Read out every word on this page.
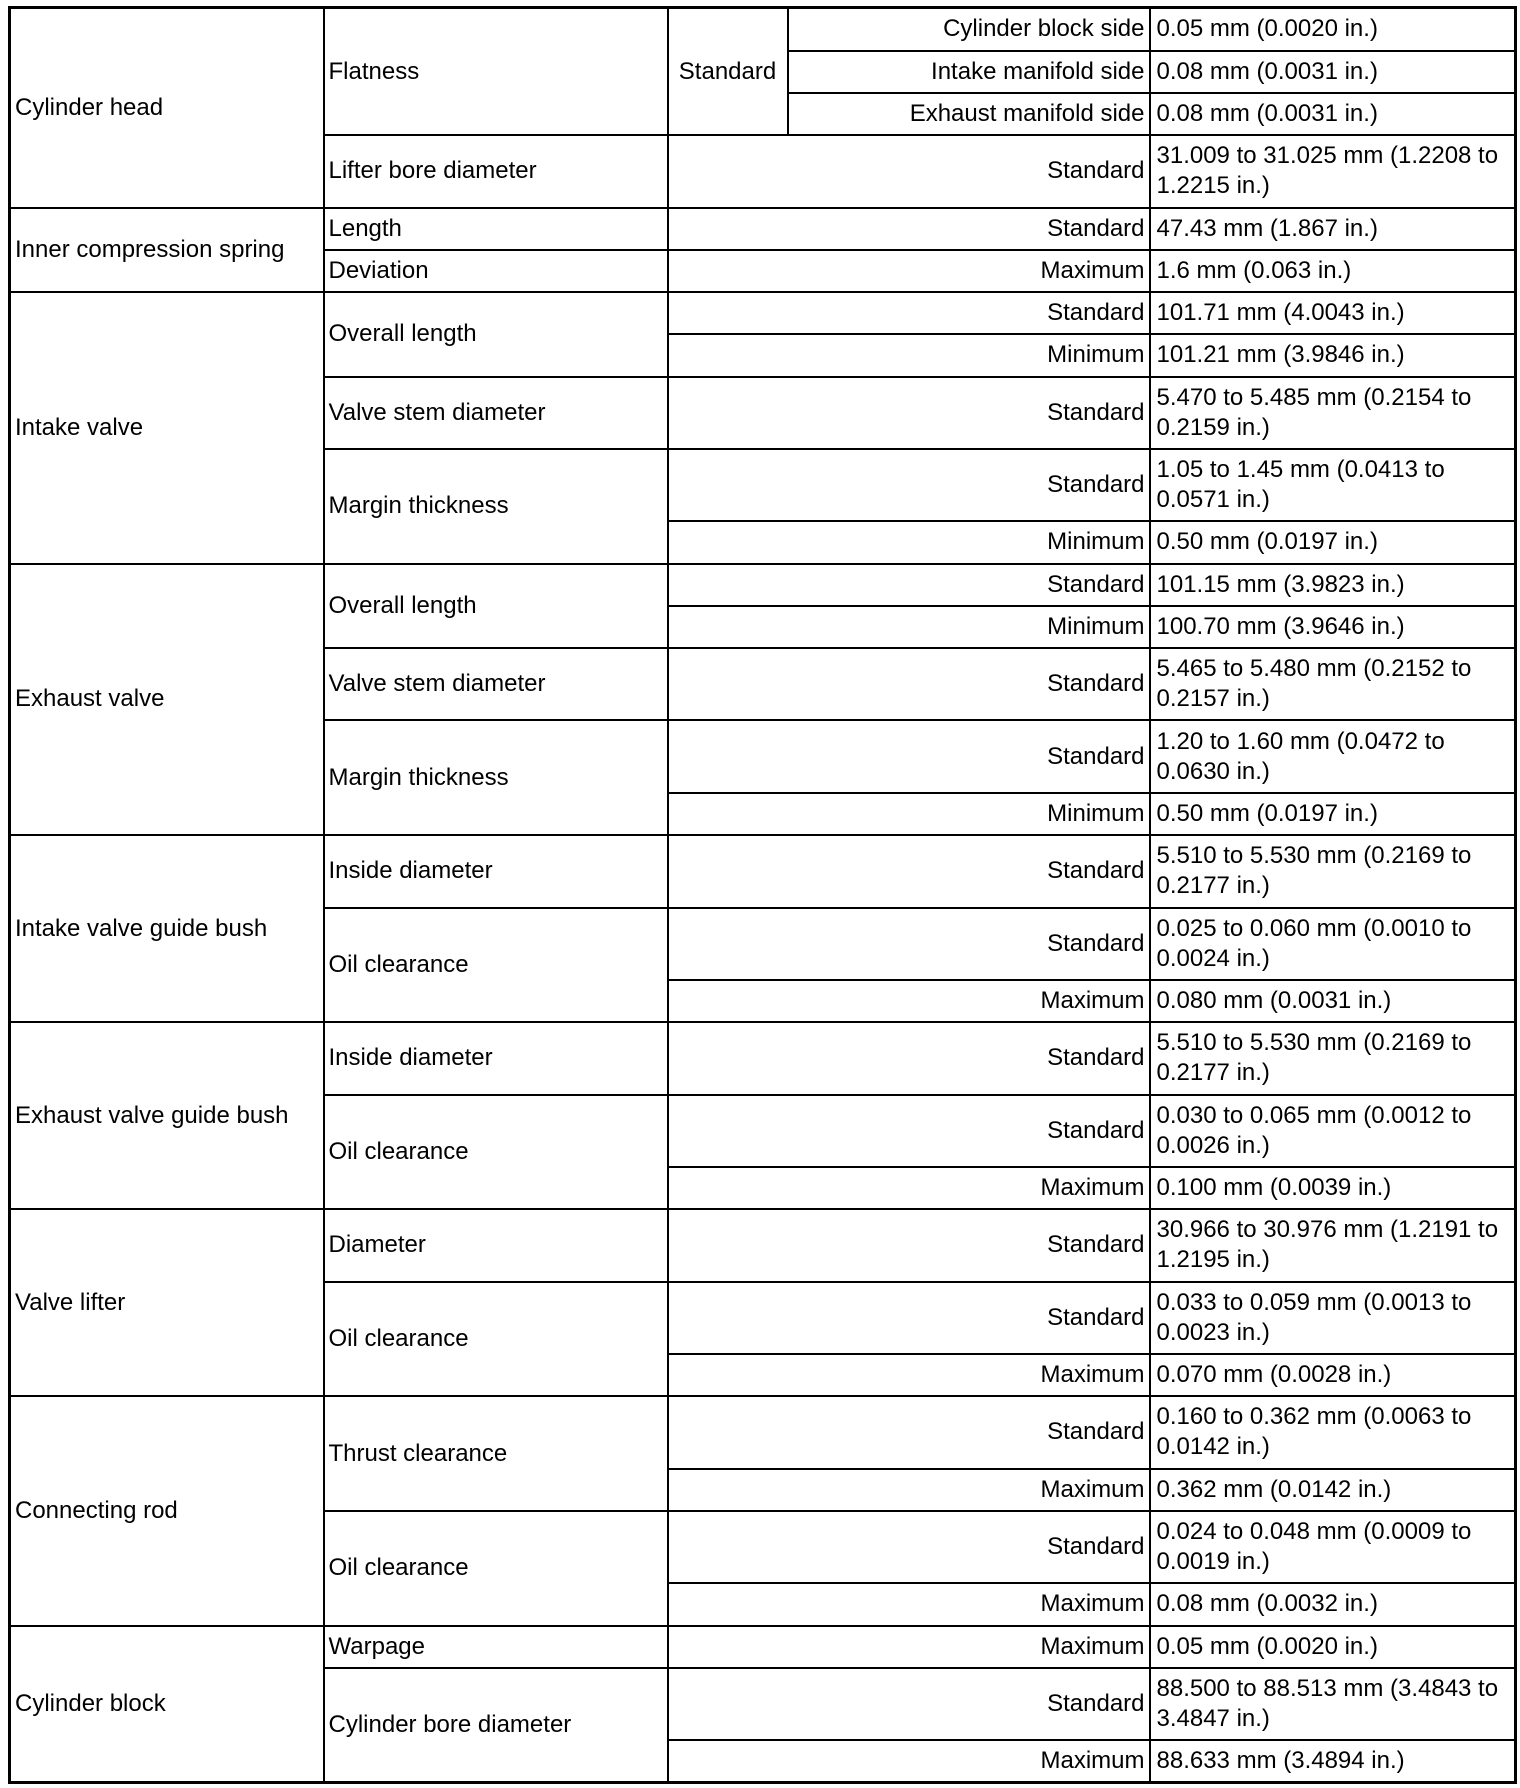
Cylinder head	Flatness	Standard	Cylinder block side	0.05 mm (0.0020 in.)
			Intake manifold side	0.08 mm (0.0031 in.)
			Exhaust manifold side	0.08 mm (0.0031 in.)
	Lifter bore diameter	Standard		31.009 to 31.025 mm (1.2208 to 1.2215 in.)
Inner compression spring	Length	Standard		47.43 mm (1.867 in.)
	Deviation	Maximum		1.6 mm (0.063 in.)
Intake valve	Overall length	Standard		101.71 mm (4.0043 in.)
		Minimum		101.21 mm (3.9846 in.)
	Valve stem diameter	Standard		5.470 to 5.485 mm (0.2154 to 0.2159 in.)
	Margin thickness	Standard		1.05 to 1.45 mm (0.0413 to 0.0571 in.)
		Minimum		0.50 mm (0.0197 in.)
Exhaust valve	Overall length	Standard		101.15 mm (3.9823 in.)
		Minimum		100.70 mm (3.9646 in.)
	Valve stem diameter	Standard		5.465 to 5.480 mm (0.2152 to 0.2157 in.)
	Margin thickness	Standard		1.20 to 1.60 mm (0.0472 to 0.0630 in.)
		Minimum		0.50 mm (0.0197 in.)
Intake valve guide bush	Inside diameter	Standard		5.510 to 5.530 mm (0.2169 to 0.2177 in.)
	Oil clearance	Standard		0.025 to 0.060 mm (0.0010 to 0.0024 in.)
		Maximum		0.080 mm (0.0031 in.)
Exhaust valve guide bush	Inside diameter	Standard		5.510 to 5.530 mm (0.2169 to 0.2177 in.)
	Oil clearance	Standard		0.030 to 0.065 mm (0.0012 to 0.0026 in.)
		Maximum		0.100 mm (0.0039 in.)
Valve lifter	Diameter	Standard		30.966 to 30.976 mm (1.2191 to 1.2195 in.)
	Oil clearance	Standard		0.033 to 0.059 mm (0.0013 to 0.0023 in.)
		Maximum		0.070 mm (0.0028 in.)
Connecting rod	Thrust clearance	Standard		0.160 to 0.362 mm (0.0063 to 0.0142 in.)
		Maximum		0.362 mm (0.0142 in.)
	Oil clearance	Standard		0.024 to 0.048 mm (0.0009 to 0.0019 in.)
		Maximum		0.08 mm (0.0032 in.)
Cylinder block	Warpage	Maximum		0.05 mm (0.0020 in.)
	Cylinder bore diameter	Standard		88.500 to 88.513 mm (3.4843 to 3.4847 in.)
		Maximum		88.633 mm (3.4894 in.)
